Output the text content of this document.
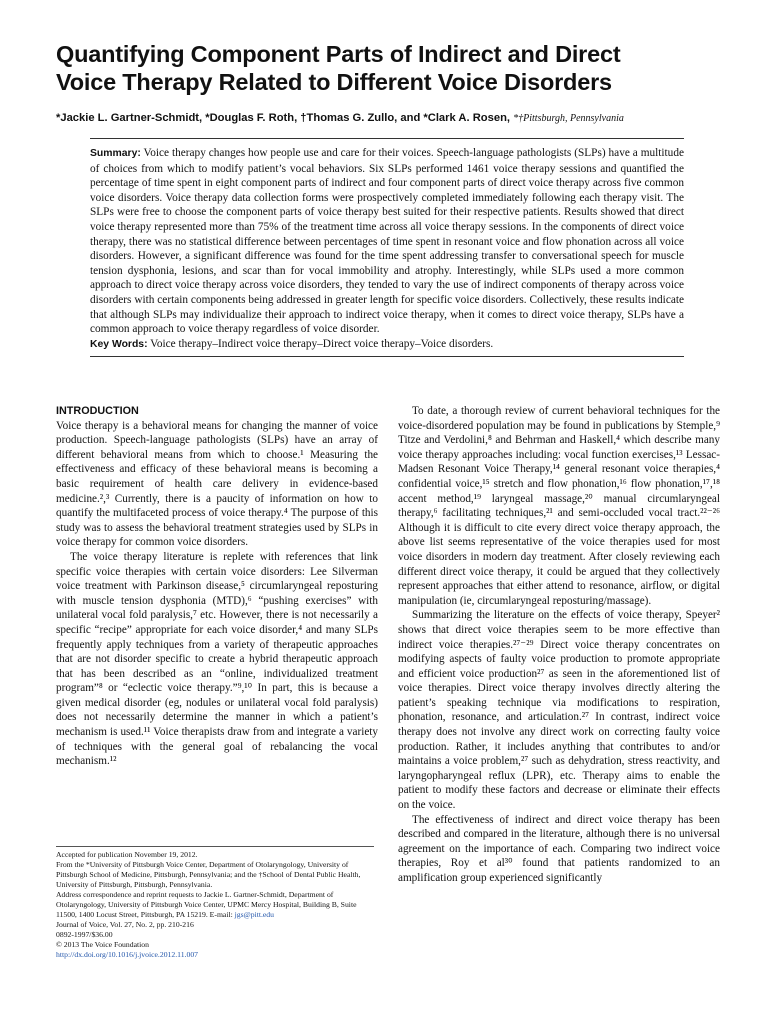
Quantifying Component Parts of Indirect and Direct
Voice Therapy Related to Different Voice Disorders
*Jackie L. Gartner-Schmidt, *Douglas F. Roth, †Thomas G. Zullo, and *Clark A. Rosen, *†Pittsburgh, Pennsylvania

Summary: Voice therapy changes how people use and care for their voices. Speech-language pathologists (SLPs) have a multitude of choices from which to modify patient’s vocal behaviors. Six SLPs performed 1461 voice therapy sessions and quantified the percentage of time spent in eight component parts of indirect and four component parts of direct voice therapy across five common voice disorders. Voice therapy data collection forms were prospectively completed immediately following each therapy visit. The SLPs were free to choose the component parts of voice therapy best suited for their respective patients. Results showed that direct voice therapy represented more than 75% of the treatment time across all voice therapy sessions. In the components of direct voice therapy, there was no statistical difference between percentages of time spent in resonant voice and flow phonation across all voice disorders. However, a significant difference was found for the time spent addressing transfer to conversational speech for muscle tension dysphonia, lesions, and scar than for vocal immobility and atrophy. Interestingly, while SLPs used a more common approach to direct voice therapy across voice disorders, they tended to vary the use of indirect components of therapy across voice disorders with certain components being addressed in greater length for specific voice disorders. Collectively, these results indicate that although SLPs may individualize their approach to indirect voice therapy, when it comes to direct voice therapy, SLPs have a common approach to voice therapy regardless of voice disorder.

Key Words: Voice therapy–Indirect voice therapy–Direct voice therapy–Voice disorders.

INTRODUCTION

Voice therapy is a behavioral means for changing the manner of voice production. Speech-language pathologists (SLPs) have an array of different behavioral means from which to choose.¹ Measuring the effectiveness and efficacy of these behavioral means is becoming a basic requirement of health care delivery in evidence-based medicine.²,³ Currently, there is a paucity of information on how to quantify the multifaceted process of voice therapy.⁴ The purpose of this study was to assess the behavioral treatment strategies used by SLPs in voice therapy for common voice disorders.

The voice therapy literature is replete with references that link specific voice therapies with certain voice disorders: Lee Silverman voice treatment with Parkinson disease,⁵ circumlaryngeal reposturing with muscle tension dysphonia (MTD),⁶ “pushing exercises” with unilateral vocal fold paralysis,⁷ etc. However, there is not necessarily a specific “recipe” appropriate for each voice disorder,⁴ and many SLPs frequently apply techniques from a variety of therapeutic approaches that are not disorder specific to create a hybrid therapeutic approach that has been described as an “online, individualized treatment program”⁸ or “eclectic voice therapy.”⁹,¹⁰ In part, this is because a given medical disorder (eg, nodules or unilateral vocal fold paralysis) does not necessarily determine the manner in which a patient’s mechanism is used.¹¹ Voice therapists draw from and integrate a variety of techniques with the general goal of rebalancing the vocal mechanism.¹²

To date, a thorough review of current behavioral techniques for the voice-disordered population may be found in publications by Stemple,⁹ Titze and Verdolini,⁸ and Behrman and Haskell,⁴ which describe many voice therapy approaches including: vocal function exercises,¹³ Lessac-Madsen Resonant Voice Therapy,¹⁴ general resonant voice therapies,⁴ confidential voice,¹⁵ stretch and flow phonation,¹⁶ flow phonation,¹⁷,¹⁸ accent method,¹⁹ laryngeal massage,²⁰ manual circumlaryngeal therapy,⁶ facilitating techniques,²¹ and semi-occluded vocal tract.²²⁻²⁶ Although it is difficult to cite every direct voice therapy approach, the above list seems representative of the voice therapies used for most voice disorders in modern day treatment. After closely reviewing each different direct voice therapy, it could be argued that they collectively represent approaches that either attend to resonance, airflow, or digital manipulation (ie, circumlaryngeal reposturing/massage).

Summarizing the literature on the effects of voice therapy, Speyer² shows that direct voice therapies seem to be more effective than indirect voice therapies.²⁷⁻²⁹ Direct voice therapy concentrates on modifying aspects of faulty voice production to promote appropriate and efficient voice production²⁷ as seen in the aforementioned list of voice therapies. Direct voice therapy involves directly altering the patient’s speaking technique via modifications to respiration, phonation, resonance, and articulation.²⁷ In contrast, indirect voice therapy does not involve any direct work on correcting faulty voice production. Rather, it includes anything that contributes to and/or maintains a voice problem,²⁷ such as dehydration, stress reactivity, and laryngopharyngeal reflux (LPR), etc. Therapy aims to enable the patient to modify these factors and decrease or eliminate their effects on the voice.

The effectiveness of indirect and direct voice therapy has been described and compared in the literature, although there is no universal agreement on the importance of each. Comparing two indirect voice therapies, Roy et al³⁰ found that patients randomized to an amplification group experienced significantly

Accepted for publication November 19, 2012.

From the *University of Pittsburgh Voice Center, Department of Otolaryngology, University of Pittsburgh School of Medicine, Pittsburgh, Pennsylvania; and the †School of Dental Public Health, University of Pittsburgh, Pittsburgh, Pennsylvania.

Address correspondence and reprint requests to Jackie L. Gartner-Schmidt, Department of Otolaryngology, University of Pittsburgh Voice Center, UPMC Mercy Hospital, Building B, Suite 11500, 1400 Locust Street, Pittsburgh, PA 15219. E-mail: jgs@pitt.edu

Journal of Voice, Vol. 27, No. 2, pp. 210-216

0892-1997/$36.00

© 2013 The Voice Foundation

http://dx.doi.org/10.1016/j.jvoice.2012.11.007
